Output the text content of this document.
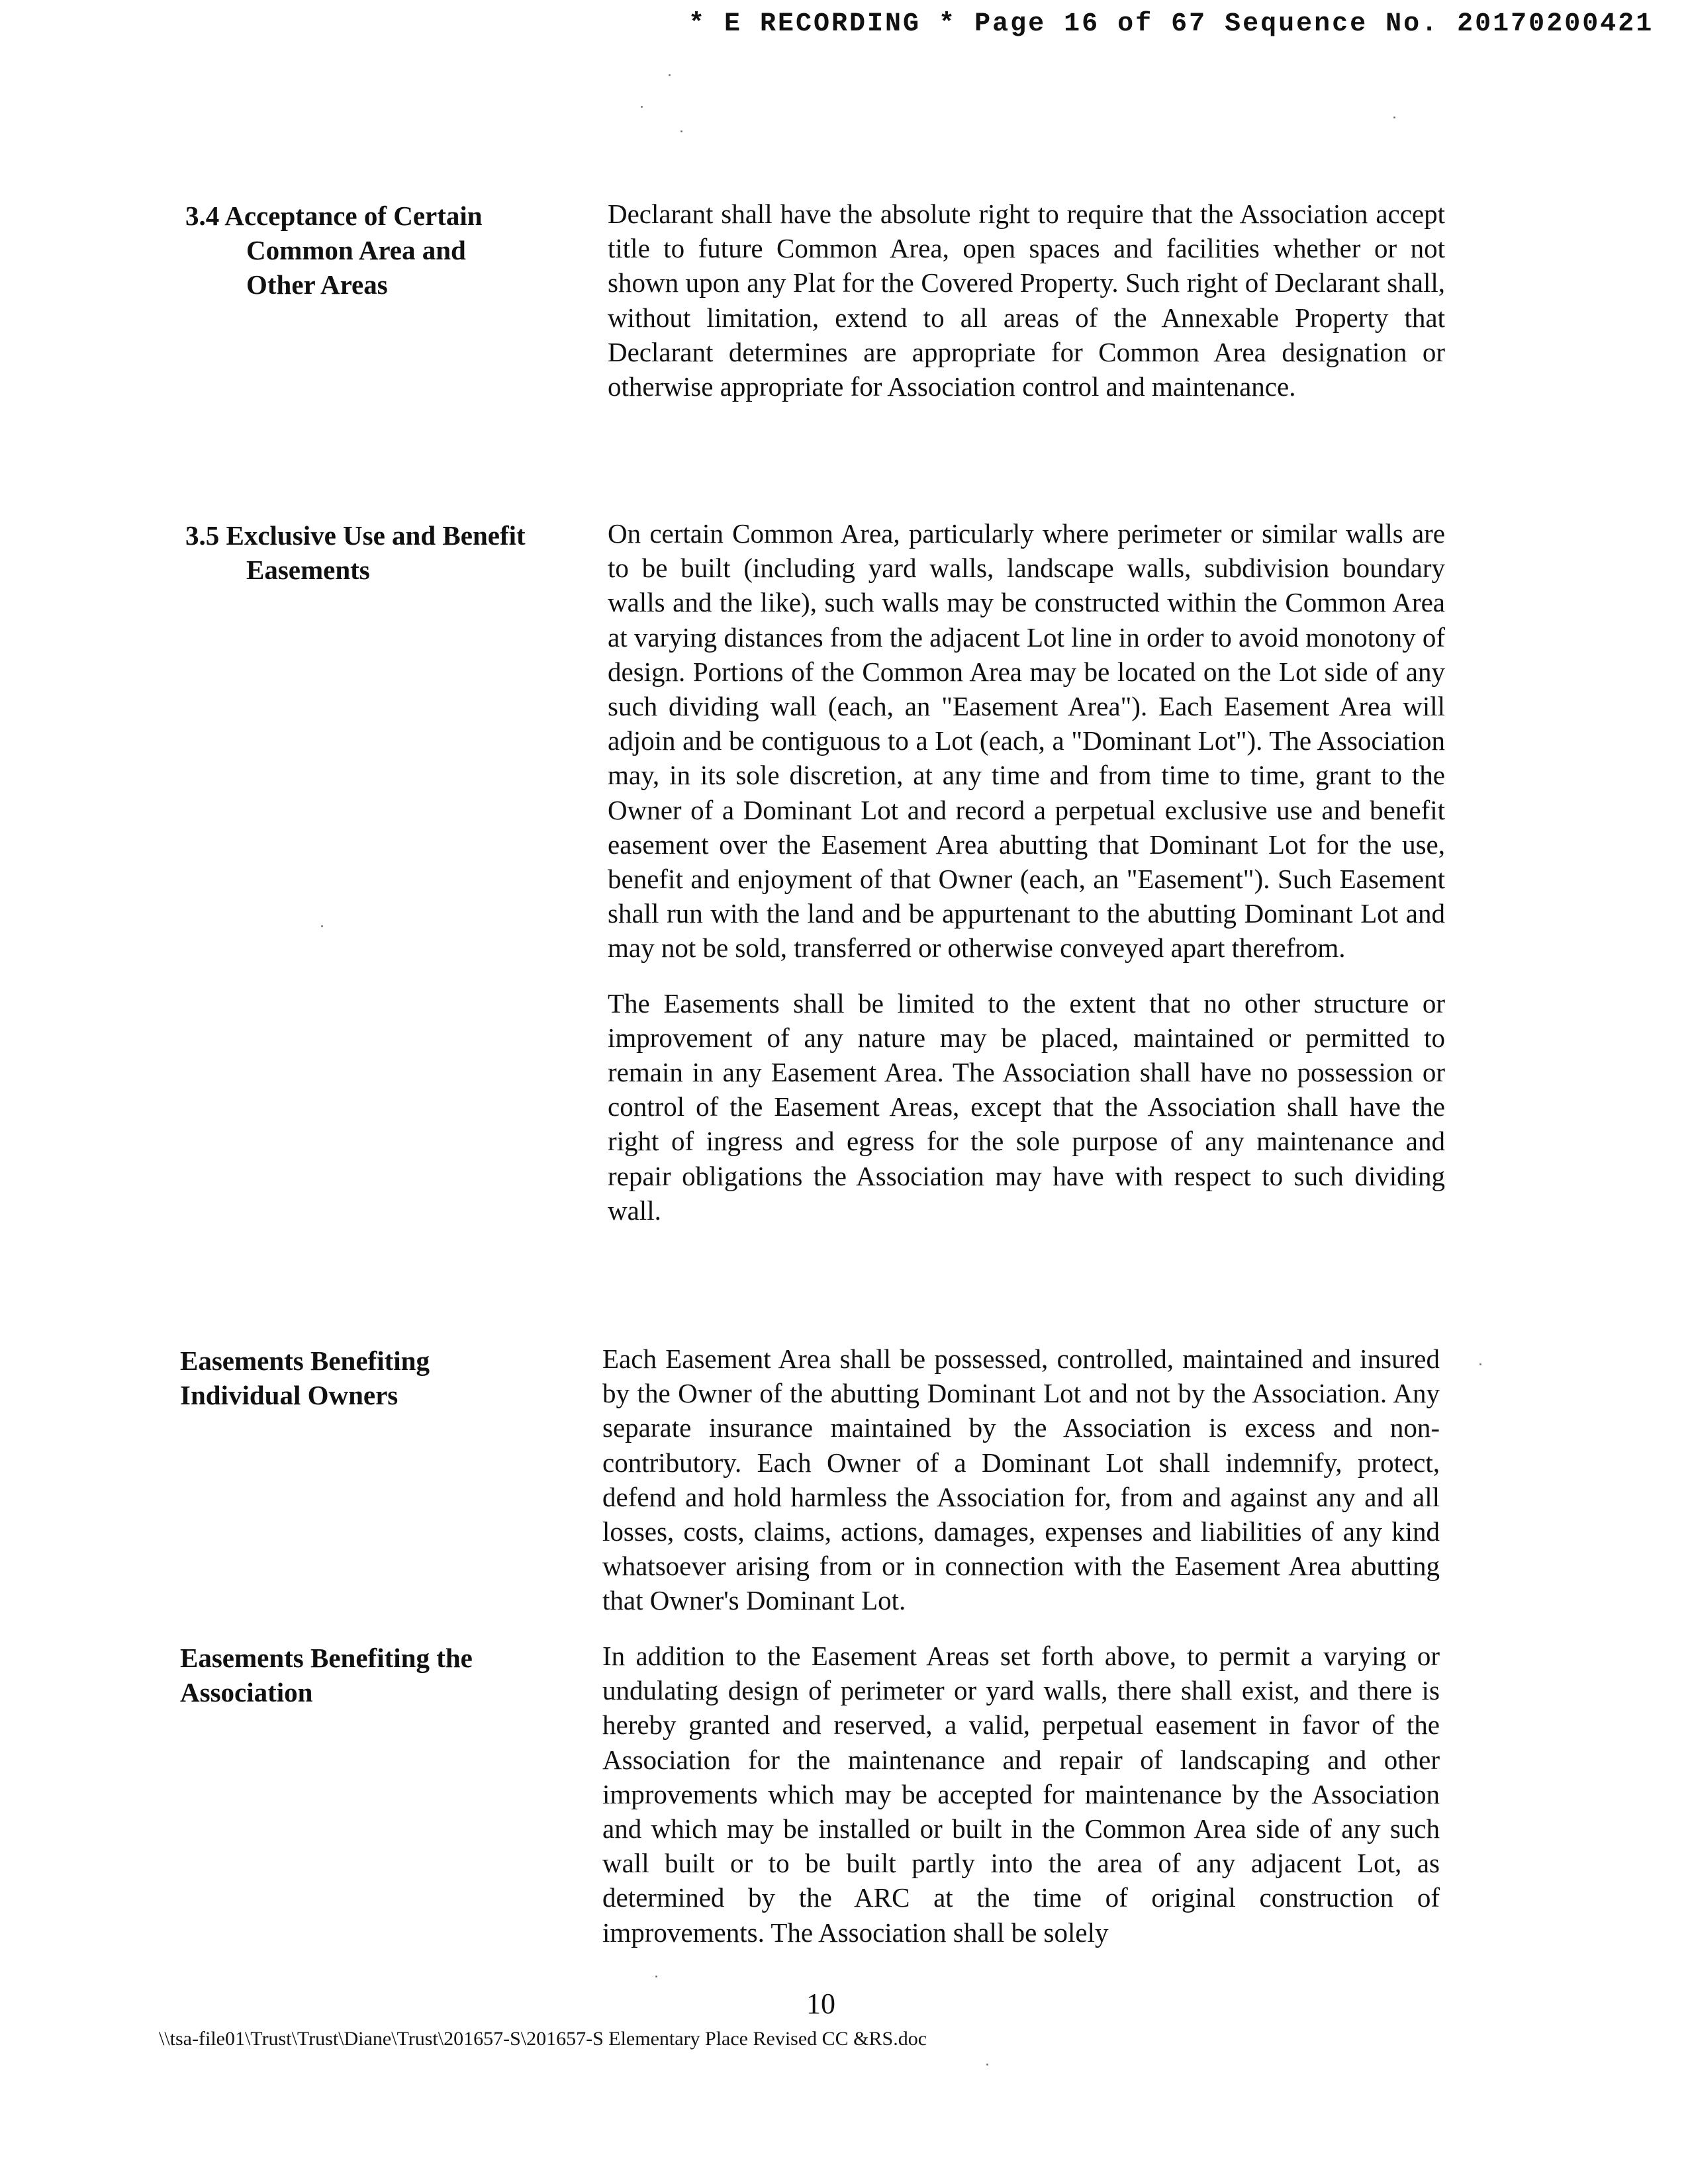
* E RECORDING * Page 16 of 67 Sequence No. 20170200421
3.4 Acceptance of Certain
Common Area and
Other Areas

Declarant shall have the absolute right to require that the Association accept title to future Common Area, open spaces and facilities whether or not shown upon any Plat for the Covered Property. Such right of Declarant shall, without limitation, extend to all areas of the Annexable Property that Declarant determines are appropriate for Common Area designation or otherwise appropriate for Association control and maintenance.

3.5 Exclusive Use and Benefit
Easements

On certain Common Area, particularly where perimeter or similar walls are to be built (including yard walls, landscape walls, subdivision boundary walls and the like), such walls may be constructed within the Common Area at varying distances from the adjacent Lot line in order to avoid monotony of design. Portions of the Common Area may be located on the Lot side of any such dividing wall (each, an "Easement Area"). Each Easement Area will adjoin and be contiguous to a Lot (each, a "Dominant Lot"). The Association may, in its sole discretion, at any time and from time to time, grant to the Owner of a Dominant Lot and record a perpetual exclusive use and benefit easement over the Easement Area abutting that Dominant Lot for the use, benefit and enjoyment of that Owner (each, an "Easement"). Such Easement shall run with the land and be appurtenant to the abutting Dominant Lot and may not be sold, transferred or otherwise conveyed apart therefrom.

The Easements shall be limited to the extent that no other structure or improvement of any nature may be placed, maintained or permitted to remain in any Easement Area. The Association shall have no possession or control of the Easement Areas, except that the Association shall have the right of ingress and egress for the sole purpose of any maintenance and repair obligations the Association may have with respect to such dividing wall.

Easements Benefiting
Individual Owners

Each Easement Area shall be possessed, controlled, maintained and insured by the Owner of the abutting Dominant Lot and not by the Association. Any separate insurance maintained by the Association is excess and non-contributory. Each Owner of a Dominant Lot shall indemnify, protect, defend and hold harmless the Association for, from and against any and all losses, costs, claims, actions, damages, expenses and liabilities of any kind whatsoever arising from or in connection with the Easement Area abutting that Owner's Dominant Lot.

Easements Benefiting the
Association

In addition to the Easement Areas set forth above, to permit a varying or undulating design of perimeter or yard walls, there shall exist, and there is hereby granted and reserved, a valid, perpetual easement in favor of the Association for the maintenance and repair of landscaping and other improvements which may be accepted for maintenance by the Association and which may be installed or built in the Common Area side of any such wall built or to be built partly into the area of any adjacent Lot, as determined by the ARC at the time of original construction of improvements. The Association shall be solely

10
\\tsa-file01\Trust\Trust\Diane\Trust\201657-S\201657-S Elementary Place Revised CC &RS.doc
